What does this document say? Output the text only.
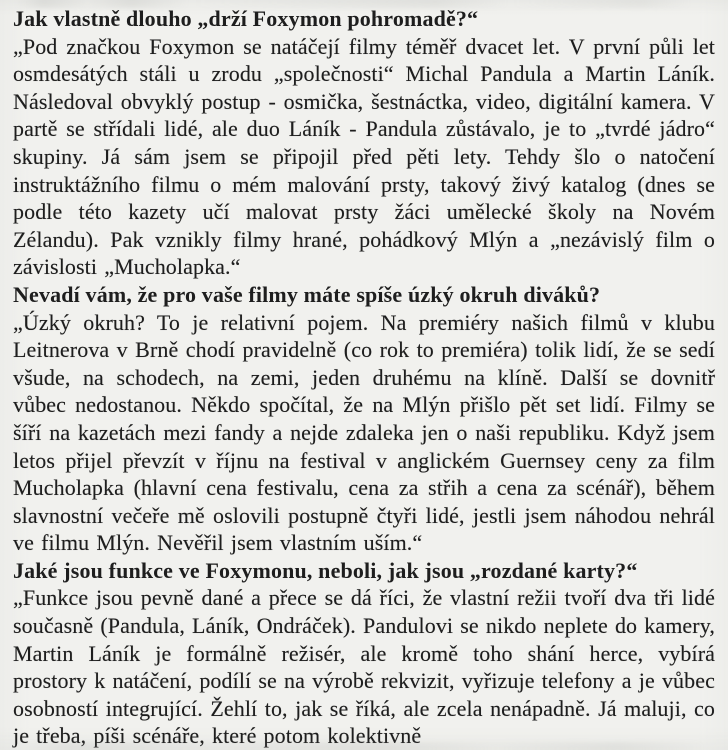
Jak vlastně dlouho „drží Foxymon pohromadě?“

„Pod značkou Foxymon se natáčejí filmy téměř dvacet let. V první půli let osmdesátých stáli u zrodu „společnosti“ Michal Pandula a Martin Láník. Následoval obvyklý postup - osmička, šestnáctka, video, digitální kamera. V partě se střídali lidé, ale duo Láník - Pandula zůstávalo, je to „tvrdé jádro“ skupiny. Já sám jsem se připojil před pěti lety. Tehdy šlo o natočení instruktážního filmu o mém malování prsty, takový živý katalog (dnes se podle této kazety učí malovat prsty žáci umělecké školy na Novém Zélandu). Pak vznikly filmy hrané, pohádkový Mlýn a „nezávislý film o závislosti „Mucholapka.“

Nevadí vám, že pro vaše filmy máte spíše úzký okruh diváků?

„Úzký okruh? To je relativní pojem. Na premiéry našich filmů v klubu Leitnerova v Brně chodí pravidelně (co rok to premiéra) tolik lidí, že se sedí všude, na schodech, na zemi, jeden druhému na klíně. Další se dovnitř vůbec nedostanou. Někdo spočítal, že na Mlýn přišlo pět set lidí. Filmy se šíří na kazetách mezi fandy a nejde zdaleka jen o naši republiku. Když jsem letos přijel převzít v říjnu na festival v anglickém Guernsey ceny za film Mucholapka (hlavní cena festivalu, cena za střih a cena za scénář), během slavnostní večeře mě oslovili postupně čtyři lidé, jestli jsem náhodou nehrál ve filmu Mlýn. Nevěřil jsem vlastním uším.“

Jaké jsou funkce ve Foxymonu, neboli, jak jsou „rozdané karty?“

„Funkce jsou pevně dané a přece se dá říci, že vlastní režii tvoří dva tři lidé současně (Pandula, Láník, Ondráček). Pandulovi se nikdo neplete do kamery, Martin Láník je formálně režisér, ale kromě toho shání herce, vybírá prostory k natáčení, podílí se na výrobě rekvizit, vyřizuje telefony a je vůbec osobností integrující. Žehlí to, jak se říká, ale zcela nenápadně. Já maluji, co je třeba, píši scénáře, které potom kolektivně
